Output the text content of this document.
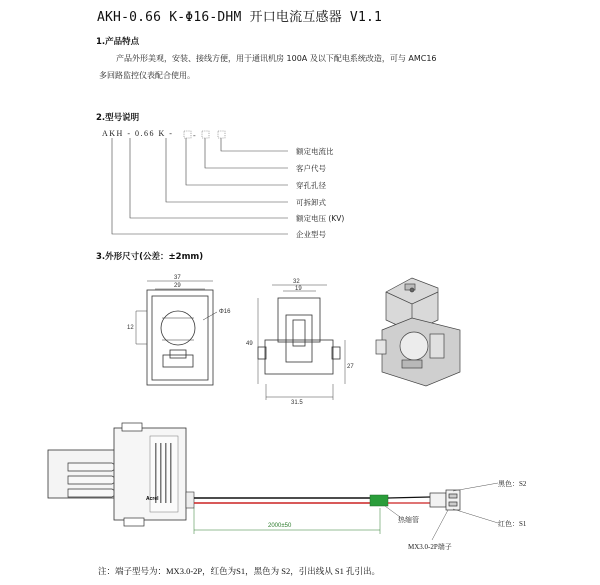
AKH-0.66 K-Φ16-DHM 开口电流互感器 V1.1
1.产品特点
产品外形美观，安装、接线方便，用于通讯机房 100A 及以下配电系统改造，可与 AMC16
多回路监控仪表配合使用。
2.型号说明
AKH - 0.66 K - -
额定电流比
客户代号
穿孔孔径
可拆卸式
额定电压 (KV)
企业型号
3.外形尺寸(公差：±2mm)
37
29
12
Φ16
32
19
49
27
31.5
Acrel
2000±50
黑色：S2
红色：S1
热缩管
MX3.0-2P端子
注：端子型号为：MX3.0-2P，红色为S1，黑色为 S2，引出线从 S1 孔引出。
